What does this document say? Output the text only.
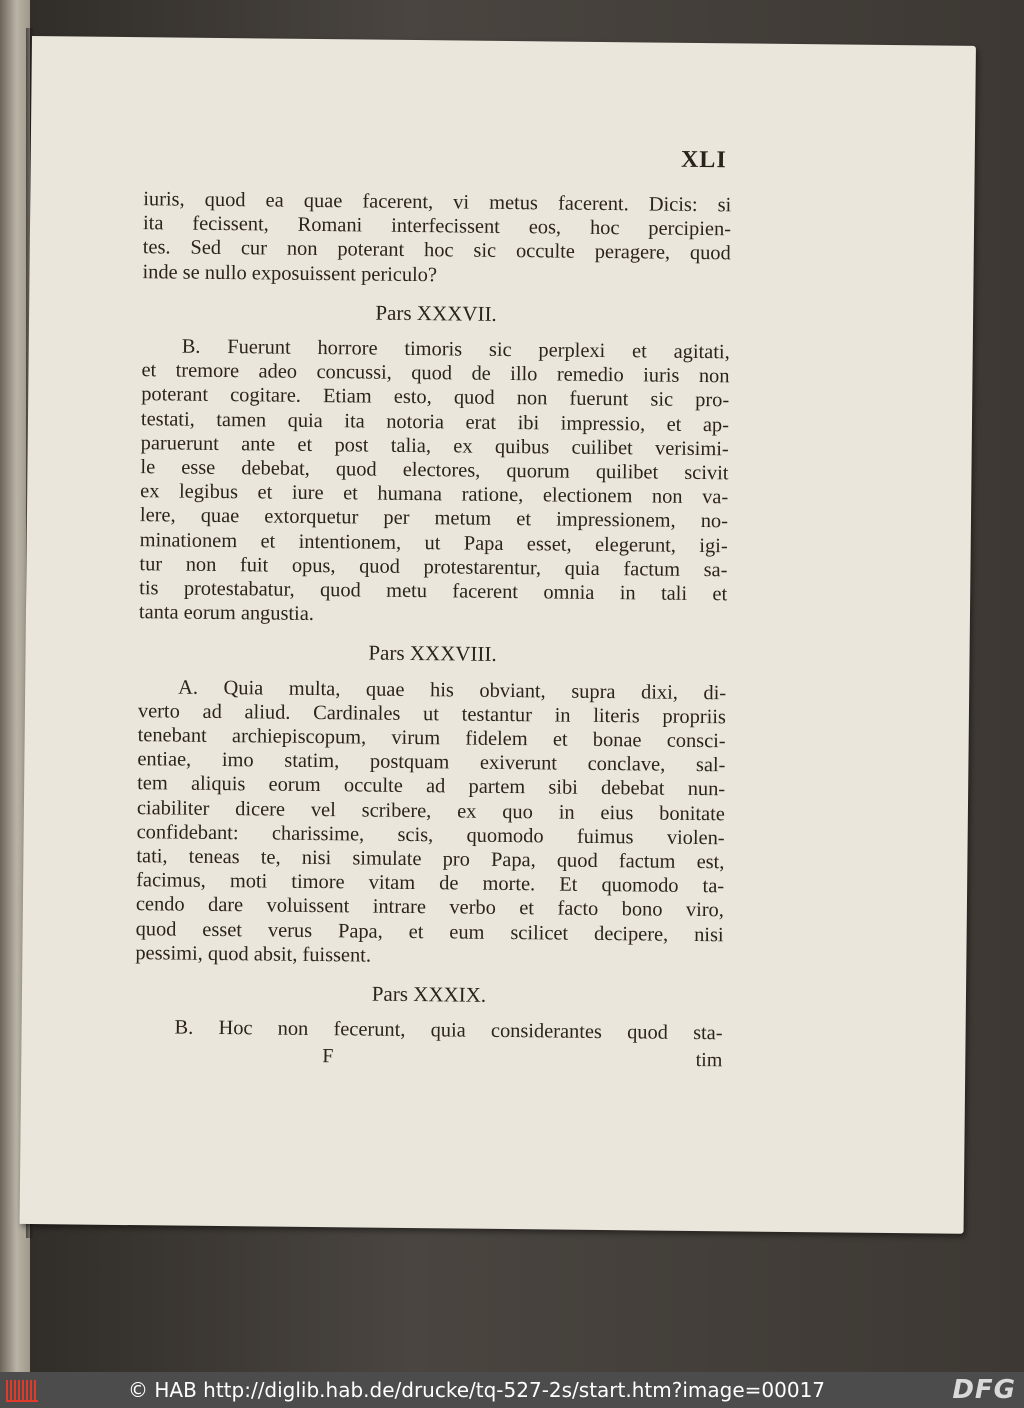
XLI
iuris, quod ea quae facerent, vi metus facerent. Dicis: si
ita fecissent, Romani interfecissent eos, hoc percipien-
tes. Sed cur non poterant hoc sic occulte peragere, quod
inde se nullo exposuissent periculo?
Pars XXXVII.
B. Fuerunt horrore timoris sic perplexi et agitati,
et tremore adeo concussi, quod de illo remedio iuris non
poterant cogitare. Etiam esto, quod non fuerunt sic pro-
testati, tamen quia ita notoria erat ibi impressio, et ap-
paruerunt ante et post talia, ex quibus cuilibet verisimi-
le esse debebat, quod electores, quorum quilibet scivit
ex legibus et iure et humana ratione, electionem non va-
lere, quae extorquetur per metum et impressionem, no-
minationem et intentionem, ut Papa esset, elegerunt, igi-
tur non fuit opus, quod protestarentur, quia factum sa-
tis protestabatur, quod metu facerent omnia in tali et
tanta eorum angustia.
Pars XXXVIII.
A. Quia multa, quae his obviant, supra dixi, di-
verto ad aliud. Cardinales ut testantur in literis propriis
tenebant archiepiscopum, virum fidelem et bonae consci-
entiae, imo statim, postquam exiverunt conclave, sal-
tem aliquis eorum occulte ad partem sibi debebat nun-
ciabiliter dicere vel scribere, ex quo in eius bonitate
confidebant: charissime, scis, quomodo fuimus violen-
tati, teneas te, nisi simulate pro Papa, quod factum est,
facimus, moti timore vitam de morte. Et quomodo ta-
cendo dare voluissent intrare verbo et facto bono viro,
quod esset verus Papa, et eum scilicet decipere, nisi
pessimi, quod absit, fuissent.
Pars XXXIX.
B. Hoc non fecerunt, quia considerantes quod sta-
F	tim
© HAB http://diglib.hab.de/drucke/tq-527-2s/start.htm?image=00017	DFG
